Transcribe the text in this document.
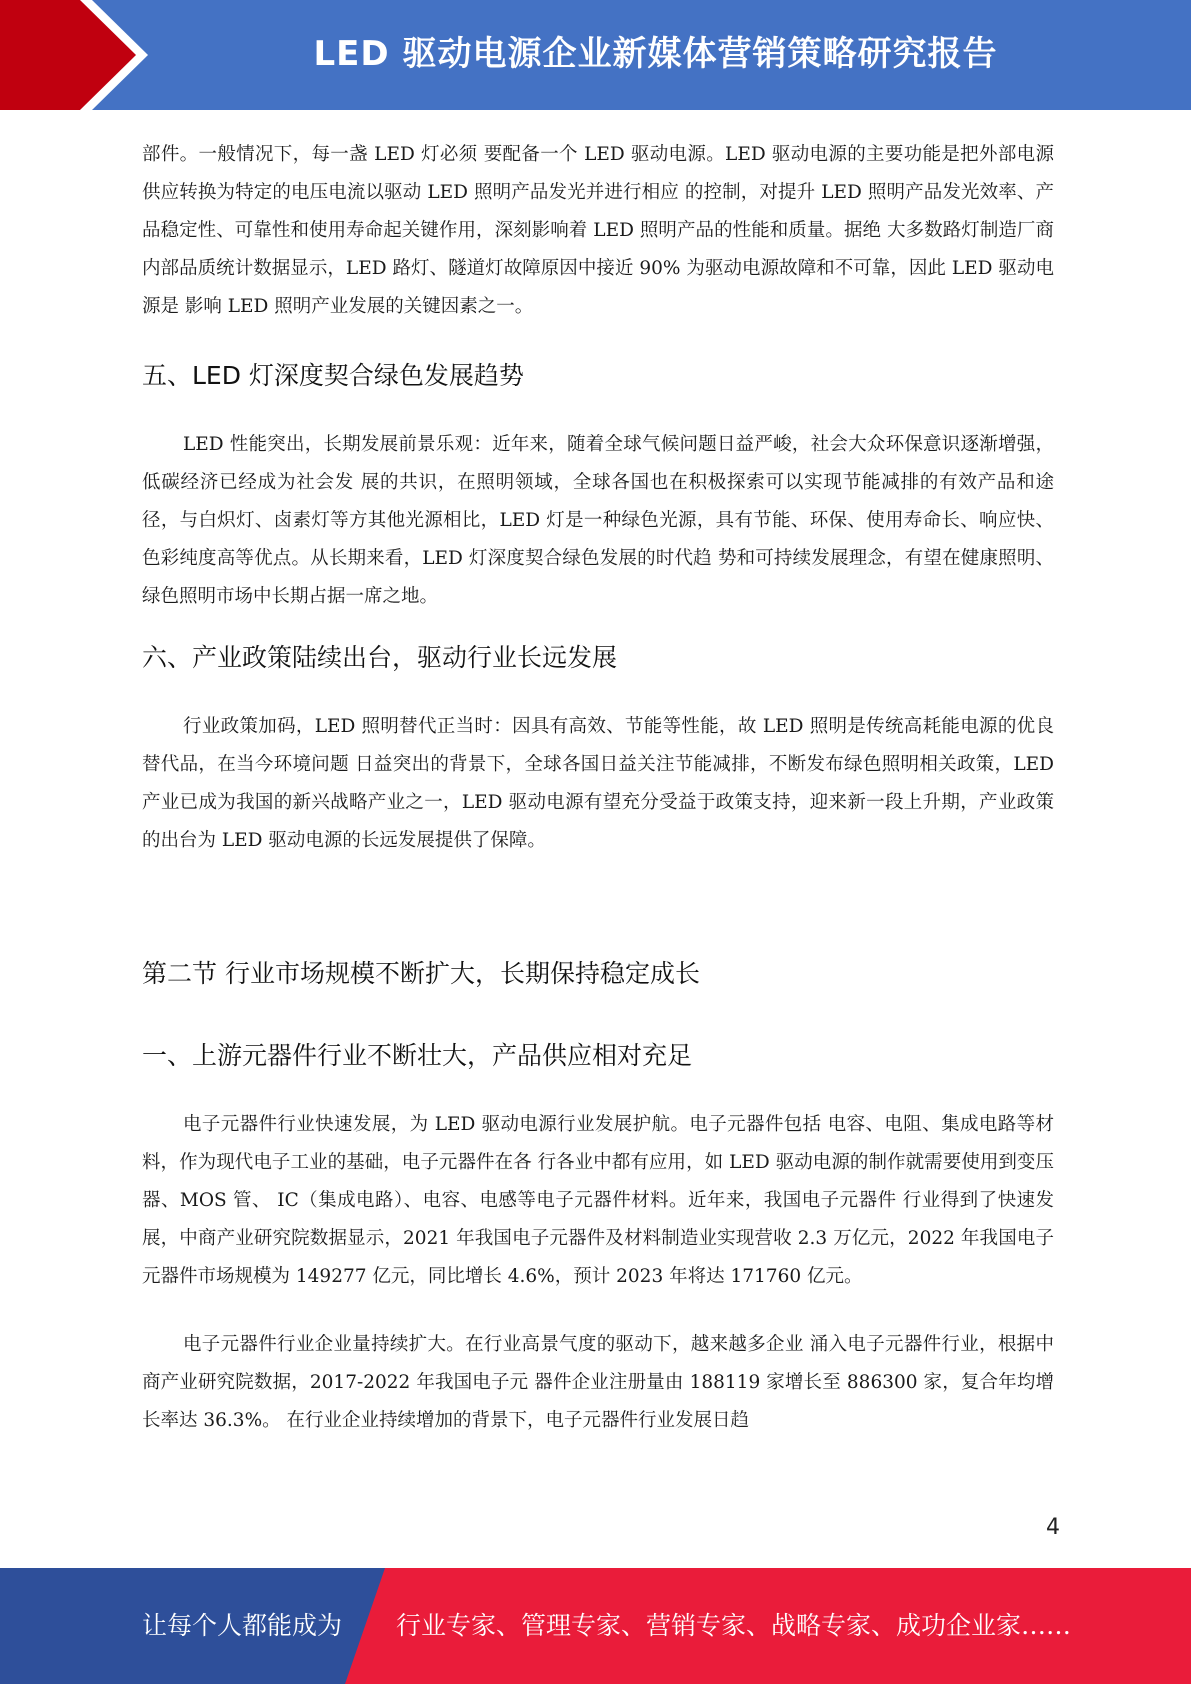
LED 驱动电源企业新媒体营销策略研究报告

部件。一般情况下，每一盏 LED 灯必须 要配备一个 LED 驱动电源。LED 驱动电源的主要功能是把外部电源供应转换为特定的电压电流以驱动 LED 照明产品发光并进行相应 的控制，对提升 LED 照明产品发光效率、产品稳定性、可靠性和使用寿命起关键作用，深刻影响着 LED 照明产品的性能和质量。据绝 大多数路灯制造厂商内部品质统计数据显示，LED 路灯、隧道灯故障原因中接近 90% 为驱动电源故障和不可靠，因此 LED 驱动电源是 影响 LED 照明产业发展的关键因素之一。

五、LED 灯深度契合绿色发展趋势

LED 性能突出，长期发展前景乐观：近年来，随着全球气候问题日益严峻，社会大众环保意识逐渐增强，低碳经济已经成为社会发 展的共识，在照明领域，全球各国也在积极探索可以实现节能减排的有效产品和途径，与白炽灯、卤素灯等方其他光源相比，LED 灯是一种绿色光源，具有节能、环保、使用寿命长、响应快、色彩纯度高等优点。从长期来看，LED 灯深度契合绿色发展的时代趋 势和可持续发展理念，有望在健康照明、绿色照明市场中长期占据一席之地。

六、产业政策陆续出台，驱动行业长远发展

行业政策加码，LED 照明替代正当时：因具有高效、节能等性能，故 LED 照明是传统高耗能电源的优良替代品，在当今环境问题 日益突出的背景下，全球各国日益关注节能减排，不断发布绿色照明相关政策，LED 产业已成为我国的新兴战略产业之一，LED 驱动电源有望充分受益于政策支持，迎来新一段上升期，产业政策的出台为 LED 驱动电源的长远发展提供了保障。

第二节 行业市场规模不断扩大，长期保持稳定成长
一、上游元器件行业不断壮大，产品供应相对充足

电子元器件行业快速发展，为 LED 驱动电源行业发展护航。电子元器件包括 电容、电阻、集成电路等材料，作为现代电子工业的基础，电子元器件在各 行各业中都有应用，如 LED 驱动电源的制作就需要使用到变压器、MOS 管、 IC（集成电路）、电容、电感等电子元器件材料。近年来，我国电子元器件 行业得到了快速发展，中商产业研究院数据显示，2021 年我国电子元器件及材料制造业实现营收 2.3 万亿元，2022 年我国电子元器件市场规模为 149277 亿元，同比增长 4.6%，预计 2023 年将达 171760 亿元。

电子元器件行业企业量持续扩大。在行业高景气度的驱动下，越来越多企业 涌入电子元器件行业，根据中商产业研究院数据，2017-2022 年我国电子元 器件企业注册量由 188119 家增长至 886300 家，复合年均增长率达 36.3%。 在行业企业持续增加的背景下，电子元器件行业发展日趋

4
让每个人都能成为 行业专家、管理专家、营销专家、战略专家、成功企业家……
